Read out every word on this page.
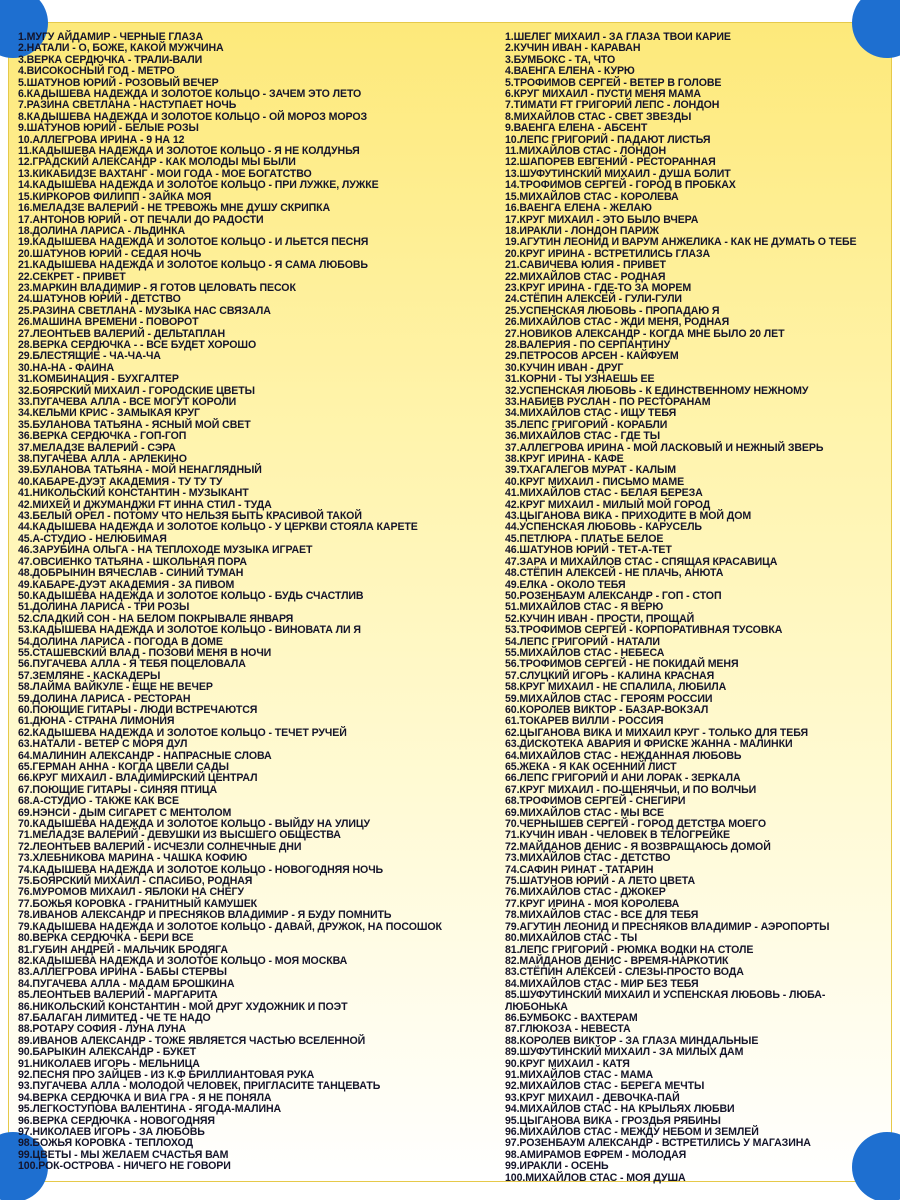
1.МУГУ АЙДАМИР - ЧЕРНЫЕ ГЛАЗА
2.НАТАЛИ - О, БОЖЕ, КАКОЙ МУЖЧИНА
3.ВЕРКА СЕРДЮЧКА - ТРАЛИ-ВАЛИ
4.ВИСОКОСНЫЙ ГОД - МЕТРО
5.ШАТУНОВ ЮРИЙ - РОЗОВЫЙ ВЕЧЕР
6.КАДЫШЕВА НАДЕЖДА И ЗОЛОТОЕ КОЛЬЦО - ЗАЧЕМ ЭТО ЛЕТО
7.РАЗИНА СВЕТЛАНА - НАСТУПАЕТ НОЧЬ
8.КАДЫШЕВА НАДЕЖДА И ЗОЛОТОЕ КОЛЬЦО - ОЙ МОРОЗ МОРОЗ
9.ШАТУНОВ ЮРИЙ - БЕЛЫЕ РОЗЫ
10.АЛЛЕГРОВА ИРИНА - 9 НА 12
11.КАДЫШЕВА НАДЕЖДА И ЗОЛОТОЕ КОЛЬЦО - Я НЕ КОЛДУНЬЯ
12.ГРАДСКИЙ АЛЕКСАНДР - КАК МОЛОДЫ МЫ БЫЛИ
13.КИКАБИДЗЕ ВАХТАНГ - МОИ ГОДА - МОЕ БОГАТСТВО
14.КАДЫШЕВА НАДЕЖДА И ЗОЛОТОЕ КОЛЬЦО - ПРИ ЛУЖКЕ, ЛУЖКЕ
15.КИРКОРОВ ФИЛИПП - ЗАЙКА МОЯ
16.МЕЛАДЗЕ ВАЛЕРИЙ - НЕ ТРЕВОЖЬ МНЕ ДУШУ СКРИПКА
17.АНТОНОВ ЮРИЙ - ОТ ПЕЧАЛИ ДО РАДОСТИ
18.ДОЛИНА ЛАРИСА - ЛЬДИНКА
19.КАДЫШЕВА НАДЕЖДА И ЗОЛОТОЕ КОЛЬЦО - И ЛЬЕТСЯ ПЕСНЯ
20.ШАТУНОВ ЮРИЙ - СЕДАЯ НОЧЬ
21.КАДЫШЕВА НАДЕЖДА И ЗОЛОТОЕ КОЛЬЦО - Я САМА ЛЮБОВЬ
22.СЕКРЕТ - ПРИВЕТ
23.МАРКИН ВЛАДИМИР - Я ГОТОВ ЦЕЛОВАТЬ ПЕСОК
24.ШАТУНОВ ЮРИЙ - ДЕТСТВО
25.РАЗИНА СВЕТЛАНА - МУЗЫКА НАС СВЯЗАЛА
26.МАШИНА ВРЕМЕНИ - ПОВОРОТ
27.ЛЕОНТЬЕВ ВАЛЕРИЙ - ДЕЛЬТАПЛАН
28.ВЕРКА СЕРДЮЧКА - - ВСЕ БУДЕТ ХОРОШО
29.БЛЕСТЯЩИЕ - ЧА-ЧА-ЧА
30.НА-НА - ФАИНА
31.КОМБИНАЦИЯ - БУХГАЛТЕР
32.БОЯРСКИЙ МИХАИЛ - ГОРОДСКИЕ ЦВЕТЫ
33.ПУГАЧЕВА АЛЛА - ВСЕ МОГУТ КОРОЛИ
34.КЕЛЬМИ КРИС - ЗАМЫКАЯ КРУГ
35.БУЛАНОВА ТАТЬЯНА - ЯСНЫЙ МОЙ СВЕТ
36.ВЕРКА СЕРДЮЧКА - ГОП-ГОП
37.МЕЛАДЗЕ ВАЛЕРИЙ - СЭРА
38.ПУГАЧЕВА АЛЛА - АРЛЕКИНО
39.БУЛАНОВА ТАТЬЯНА - МОЙ НЕНАГЛЯДНЫЙ
40.КАБАРЕ-ДУЭТ АКАДЕМИЯ - ТУ ТУ ТУ
41.НИКОЛЬСКИЙ КОНСТАНТИН - МУЗЫКАНТ
42.МИХЕЙ И ДЖУМАНДЖИ FT ИННА СТИЛ - ТУДА
43.БЕЛЫЙ ОРЕЛ - ПОТОМУ ЧТО НЕЛЬЗЯ БЫТЬ КРАСИВОЙ ТАКОЙ
44.КАДЫШЕВА НАДЕЖДА И ЗОЛОТОЕ КОЛЬЦО - У ЦЕРКВИ СТОЯЛА КАРЕТЕ
45.А-СТУДИО - НЕЛЮБИМАЯ
46.ЗАРУБИНА ОЛЬГА - НА ТЕПЛОХОДЕ МУЗЫКА ИГРАЕТ
47.ОВСИЕНКО ТАТЬЯНА - ШКОЛЬНАЯ ПОРА
48.ДОБРЫНИН ВЯЧЕСЛАВ - СИНИЙ ТУМАН
49.КАБАРЕ-ДУЭТ АКАДЕМИЯ - ЗА ПИВОМ
50.КАДЫШЕВА НАДЕЖДА И ЗОЛОТОЕ КОЛЬЦО - БУДЬ СЧАСТЛИВ
51.ДОЛИНА ЛАРИСА - ТРИ РОЗЫ
52.СЛАДКИЙ СОН - НА БЕЛОМ ПОКРЫВАЛЕ ЯНВАРЯ
53.КАДЫШЕВА НАДЕЖДА И ЗОЛОТОЕ КОЛЬЦО - ВИНОВАТА ЛИ Я
54.ДОЛИНА ЛАРИСА - ПОГОДА В ДОМЕ
55.СТАШЕВСКИЙ ВЛАД - ПОЗОВИ МЕНЯ В НОЧИ
56.ПУГАЧЕВА АЛЛА - Я ТЕБЯ ПОЦЕЛОВАЛА
57.ЗЕМЛЯНЕ - КАСКАДЕРЫ
58.ЛАЙМА ВАЙКУЛЕ - ЕЩЕ НЕ ВЕЧЕР
59.ДОЛИНА ЛАРИСА - РЕСТОРАН
60.ПОЮЩИЕ ГИТАРЫ - ЛЮДИ ВСТРЕЧАЮТСЯ
61.ДЮНА - СТРАНА ЛИМОНИЯ
62.КАДЫШЕВА НАДЕЖДА И ЗОЛОТОЕ КОЛЬЦО - ТЕЧЕТ РУЧЕЙ
63.НАТАЛИ - ВЕТЕР С МОРЯ ДУЛ
64.МАЛИНИН АЛЕКСАНДР - НАПРАСНЫЕ СЛОВА
65.ГЕРМАН АННА - КОГДА ЦВЕЛИ САДЫ
66.КРУГ МИХАИЛ - ВЛАДИМИРСКИЙ ЦЕНТРАЛ
67.ПОЮЩИЕ ГИТАРЫ - СИНЯЯ ПТИЦА
68.А-СТУДИО - ТАКЖЕ КАК ВСЕ
69.НЭНСИ - ДЫМ СИГАРЕТ С МЕНТОЛОМ
70.КАДЫШЕВА НАДЕЖДА И ЗОЛОТОЕ КОЛЬЦО - ВЫЙДУ НА УЛИЦУ
71.МЕЛАДЗЕ ВАЛЕРИЙ - ДЕВУШКИ ИЗ ВЫСШЕГО ОБЩЕСТВА
72.ЛЕОНТЬЕВ ВАЛЕРИЙ - ИСЧЕЗЛИ СОЛНЕЧНЫЕ ДНИ
73.ХЛЕБНИКОВА МАРИНА - ЧАШКА КОФИЮ
74.КАДЫШЕВА НАДЕЖДА И ЗОЛОТОЕ КОЛЬЦО - НОВОГОДНЯЯ НОЧЬ
75.БОЯРСКИЙ МИХАИЛ - СПАСИБО, РОДНАЯ
76.МУРОМОВ МИХАИЛ - ЯБЛОКИ НА СНЕГУ
77.БОЖЬЯ КОРОВКА - ГРАНИТНЫЙ КАМУШЕК
78.ИВАНОВ АЛЕКСАНДР И ПРЕСНЯКОВ ВЛАДИМИР - Я БУДУ ПОМНИТЬ
79.КАДЫШЕВА НАДЕЖДА И ЗОЛОТОЕ КОЛЬЦО - ДАВАЙ, ДРУЖОК, НА ПОСОШОК
80.ВЕРКА СЕРДЮЧКА - БЕРИ ВСЕ
81.ГУБИН АНДРЕЙ - МАЛЬЧИК БРОДЯГА
82.КАДЫШЕВА НАДЕЖДА И ЗОЛОТОЕ КОЛЬЦО - МОЯ МОСКВА
83.АЛЛЕГРОВА ИРИНА - БАБЫ СТЕРВЫ
84.ПУГАЧЕВА АЛЛА - МАДАМ БРОШКИНА
85.ЛЕОНТЬЕВ ВАЛЕРИЙ - МАРГАРИТА
86.НИКОЛЬСКИЙ КОНСТАНТИН - МОЙ ДРУГ ХУДОЖНИК И ПОЭТ
87.БАЛАГАН ЛИМИТЕД - ЧЕ ТЕ НАДО
88.РОТАРУ СОФИЯ - ЛУНА ЛУНА
89.ИВАНОВ АЛЕКСАНДР - ТОЖЕ ЯВЛЯЕТСЯ ЧАСТЬЮ ВСЕЛЕННОЙ
90.БАРЫКИН АЛЕКСАНДР - БУКЕТ
91.НИКОЛАЕВ ИГОРЬ - МЕЛЬНИЦА
92.ПЕСНЯ ПРО ЗАЙЦЕВ - ИЗ К.Ф БРИЛЛИАНТОВАЯ РУКА
93.ПУГАЧЕВА АЛЛА - МОЛОДОЙ ЧЕЛОВЕК, ПРИГЛАСИТЕ ТАНЦЕВАТЬ
94.ВЕРКА СЕРДЮЧКА И ВИА ГРА - Я НЕ ПОНЯЛА
95.ЛЕГКОСТУПОВА ВАЛЕНТИНА - ЯГОДА-МАЛИНА
96.ВЕРКА СЕРДЮЧКА - НОВОГОДНЯЯ
97.НИКОЛАЕВ ИГОРЬ - ЗА ЛЮБОВЬ
98.БОЖЬЯ КОРОВКА - ТЕПЛОХОД
99.ЦВЕТЫ - МЫ ЖЕЛАЕМ СЧАСТЬЯ ВАМ
100.РОК-ОСТРОВА - НИЧЕГО НЕ ГОВОРИ
1.ШЕЛЕГ МИХАИЛ - ЗА ГЛАЗА ТВОИ КАРИЕ
2.КУЧИН ИВАН - КАРАВАН
3.БУМБОКС - ТА, ЧТО
4.ВАЕНГА ЕЛЕНА - КУРЮ
5.ТРОФИМОВ СЕРГЕЙ - ВЕТЕР В ГОЛОВЕ
6.КРУГ МИХАИЛ - ПУСТИ МЕНЯ МАМА
7.ТИМАТИ FT ГРИГОРИЙ ЛЕПС - ЛОНДОН
8.МИХАЙЛОВ СТАС - СВЕТ ЗВЕЗДЫ
9.ВАЕНГА ЕЛЕНА - АБСЕНТ
10.ЛЕПС ГРИГОРИЙ - ПАДАЮТ ЛИСТЬЯ
11.МИХАЙЛОВ СТАС - ЛОНДОН
12.ШАПОРЕВ ЕВГЕНИЙ - РЕСТОРАННАЯ
13.ШУФУТИНСКИЙ МИХАИЛ - ДУША БОЛИТ
14.ТРОФИМОВ СЕРГЕЙ - ГОРОД В ПРОБКАХ
15.МИХАЙЛОВ СТАС - КОРОЛЕВА
16.ВАЕНГА ЕЛЕНА - ЖЕЛАЮ
17.КРУГ МИХАИЛ - ЭТО БЫЛО ВЧЕРА
18.ИРАКЛИ - ЛОНДОН ПАРИЖ
19.АГУТИН ЛЕОНИД И ВАРУМ АНЖЕЛИКА - КАК НЕ ДУМАТЬ О ТЕБЕ
20.КРУГ ИРИНА - ВСТРЕТИЛИСЬ ГЛАЗА
21.САВИЧЕВА ЮЛИЯ - ПРИВЕТ
22.МИХАЙЛОВ СТАС - РОДНАЯ
23.КРУГ ИРИНА - ГДЕ-ТО ЗА МОРЕМ
24.СТЁПИН АЛЕКСЕЙ - ГУЛИ-ГУЛИ
25.УСПЕНСКАЯ ЛЮБОВЬ - ПРОПАДАЮ Я
26.МИХАЙЛОВ СТАС - ЖДИ МЕНЯ, РОДНАЯ
27.НОВИКОВ АЛЕКСАНДР - КОГДА МНЕ БЫЛО 20 ЛЕТ
28.ВАЛЕРИЯ - ПО СЕРПАНТИНУ
29.ПЕТРОСОВ АРСЕН - КАЙФУЕМ
30.КУЧИН ИВАН - ДРУГ
31.КОРНИ - ТЫ УЗНАЕШЬ ЕЕ
32.УСПЕНСКАЯ ЛЮБОВЬ - К ЕДИНСТВЕННОМУ НЕЖНОМУ
33.НАБИЕВ РУСЛАН - ПО РЕСТОРАНАМ
34.МИХАЙЛОВ СТАС - ИЩУ ТЕБЯ
35.ЛЕПС ГРИГОРИЙ - КОРАБЛИ
36.МИХАЙЛОВ СТАС - ГДЕ ТЫ
37.АЛЛЕГРОВА ИРИНА - МОЙ ЛАСКОВЫЙ И НЕЖНЫЙ ЗВЕРЬ
38.КРУГ ИРИНА - КАФЕ
39.ТХАГАЛЕГОВ МУРАТ - КАЛЫМ
40.КРУГ МИХАИЛ - ПИСЬМО МАМЕ
41.МИХАЙЛОВ СТАС - БЕЛАЯ БЕРЕЗА
42.КРУГ МИХАИЛ - МИЛЫЙ МОЙ ГОРОД
43.ЦЫГАНОВА ВИКА - ПРИХОДИТЕ В МОЙ ДОМ
44.УСПЕНСКАЯ ЛЮБОВЬ - КАРУСЕЛЬ
45.ПЕТЛЮРА - ПЛАТЬЕ БЕЛОЕ
46.ШАТУНОВ ЮРИЙ - ТЕТ-А-ТЕТ
47.ЗАРА И МИХАЙЛОВ СТАС - СПЯЩАЯ КРАСАВИЦА
48.СТЁПИН АЛЕКСЕЙ - НЕ ПЛАЧЬ, АНЮТА
49.ЕЛКА - ОКОЛО ТЕБЯ
50.РОЗЕНБАУМ АЛЕКСАНДР - ГОП - СТОП
51.МИХАЙЛОВ СТАС - Я ВЕРЮ
52.КУЧИН ИВАН - ПРОСТИ, ПРОЩАЙ
53.ТРОФИМОВ СЕРГЕЙ - КОРПОРАТИВНАЯ ТУСОВКА
54.ЛЕПС ГРИГОРИЙ - НАТАЛИ
55.МИХАЙЛОВ СТАС - НЕБЕСА
56.ТРОФИМОВ СЕРГЕЙ - НЕ ПОКИДАЙ МЕНЯ
57.СЛУЦКИЙ ИГОРЬ - КАЛИНА КРАСНАЯ
58.КРУГ МИХАИЛ - НЕ СПАЛИЛА, ЛЮБИЛА
59.МИХАЙЛОВ СТАС - ГЕРОЯМ РОССИИ
60.КОРОЛЕВ ВИКТОР - БАЗАР-ВОКЗАЛ
61.ТОКАРЕВ ВИЛЛИ - РОССИЯ
62.ЦЫГАНОВА ВИКА И МИХАИЛ КРУГ - ТОЛЬКО ДЛЯ ТЕБЯ
63.ДИСКОТЕКА АВАРИЯ И ФРИСКЕ ЖАННА - МАЛИНКИ
64.МИХАЙЛОВ СТАС - НЕЖДАННАЯ ЛЮБОВЬ
65.ЖЕКА - Я КАК ОСЕННИЙ ЛИСТ
66.ЛЕПС ГРИГОРИЙ И АНИ ЛОРАК - ЗЕРКАЛА
67.КРУГ МИХАИЛ - ПО-ЩЕНЯЧЬИ, И ПО ВОЛЧЬИ
68.ТРОФИМОВ СЕРГЕЙ - СНЕГИРИ
69.МИХАЙЛОВ СТАС - МЫ ВСЕ
70.ЧЕРНЫШЕВ СЕРГЕЙ - ГОРОД ДЕТСТВА МОЕГО
71.КУЧИН ИВАН - ЧЕЛОВЕК В ТЕЛОГРЕЙКЕ
72.МАЙДАНОВ ДЕНИС - Я ВОЗВРАЩАЮСЬ ДОМОЙ
73.МИХАЙЛОВ СТАС - ДЕТСТВО
74.САФИН РИНАТ - ТАТАРИН
75.ШАТУНОВ ЮРИЙ - А ЛЕТО ЦВЕТА
76.МИХАЙЛОВ СТАС - ДЖОКЕР
77.КРУГ ИРИНА - МОЯ КОРОЛЕВА
78.МИХАЙЛОВ СТАС - ВСЕ ДЛЯ ТЕБЯ
79.АГУТИН ЛЕОНИД И ПРЕСНЯКОВ ВЛАДИМИР - АЭРОПОРТЫ
80.МИХАЙЛОВ СТАС - ТЫ
81.ЛЕПС ГРИГОРИЙ - РЮМКА ВОДКИ НА СТОЛЕ
82.МАЙДАНОВ ДЕНИС - ВРЕМЯ-НАРКОТИК
83.СТЁПИН АЛЕКСЕЙ - СЛЕЗЫ-ПРОСТО ВОДА
84.МИХАЙЛОВ СТАС - МИР БЕЗ ТЕБЯ
85.ШУФУТИНСКИЙ МИХАИЛ И УСПЕНСКАЯ ЛЮБОВЬ - ЛЮБА-ЛЮБОНЬКА
86.БУМБОКС - ВАХТЕРАМ
87.ГЛЮКОЗА - НЕВЕСТА
88.КОРОЛЕВ ВИКТОР - ЗА ГЛАЗА МИНДАЛЬНЫЕ
89.ШУФУТИНСКИЙ МИХАИЛ - ЗА МИЛЫХ ДАМ
90.КРУГ МИХАИЛ - КАТЯ
91.МИХАЙЛОВ СТАС - МАМА
92.МИХАЙЛОВ СТАС - БЕРЕГА МЕЧТЫ
93.КРУГ МИХАИЛ - ДЕВОЧКА-ПАЙ
94.МИХАЙЛОВ СТАС - НА КРЫЛЬЯХ ЛЮБВИ
95.ЦЫГАНОВА ВИКА - ГРОЗДЬЯ РЯБИНЫ
96.МИХАЙЛОВ СТАС - МЕЖДУ НЕБОМ И ЗЕМЛЕЙ
97.РОЗЕНБАУМ АЛЕКСАНДР - ВСТРЕТИЛИСЬ У МАГАЗИНА
98.АМИРАМОВ ЕФРЕМ - МОЛОДАЯ
99.ИРАКЛИ - ОСЕНЬ
100.МИХАЙЛОВ СТАС - МОЯ ДУША
